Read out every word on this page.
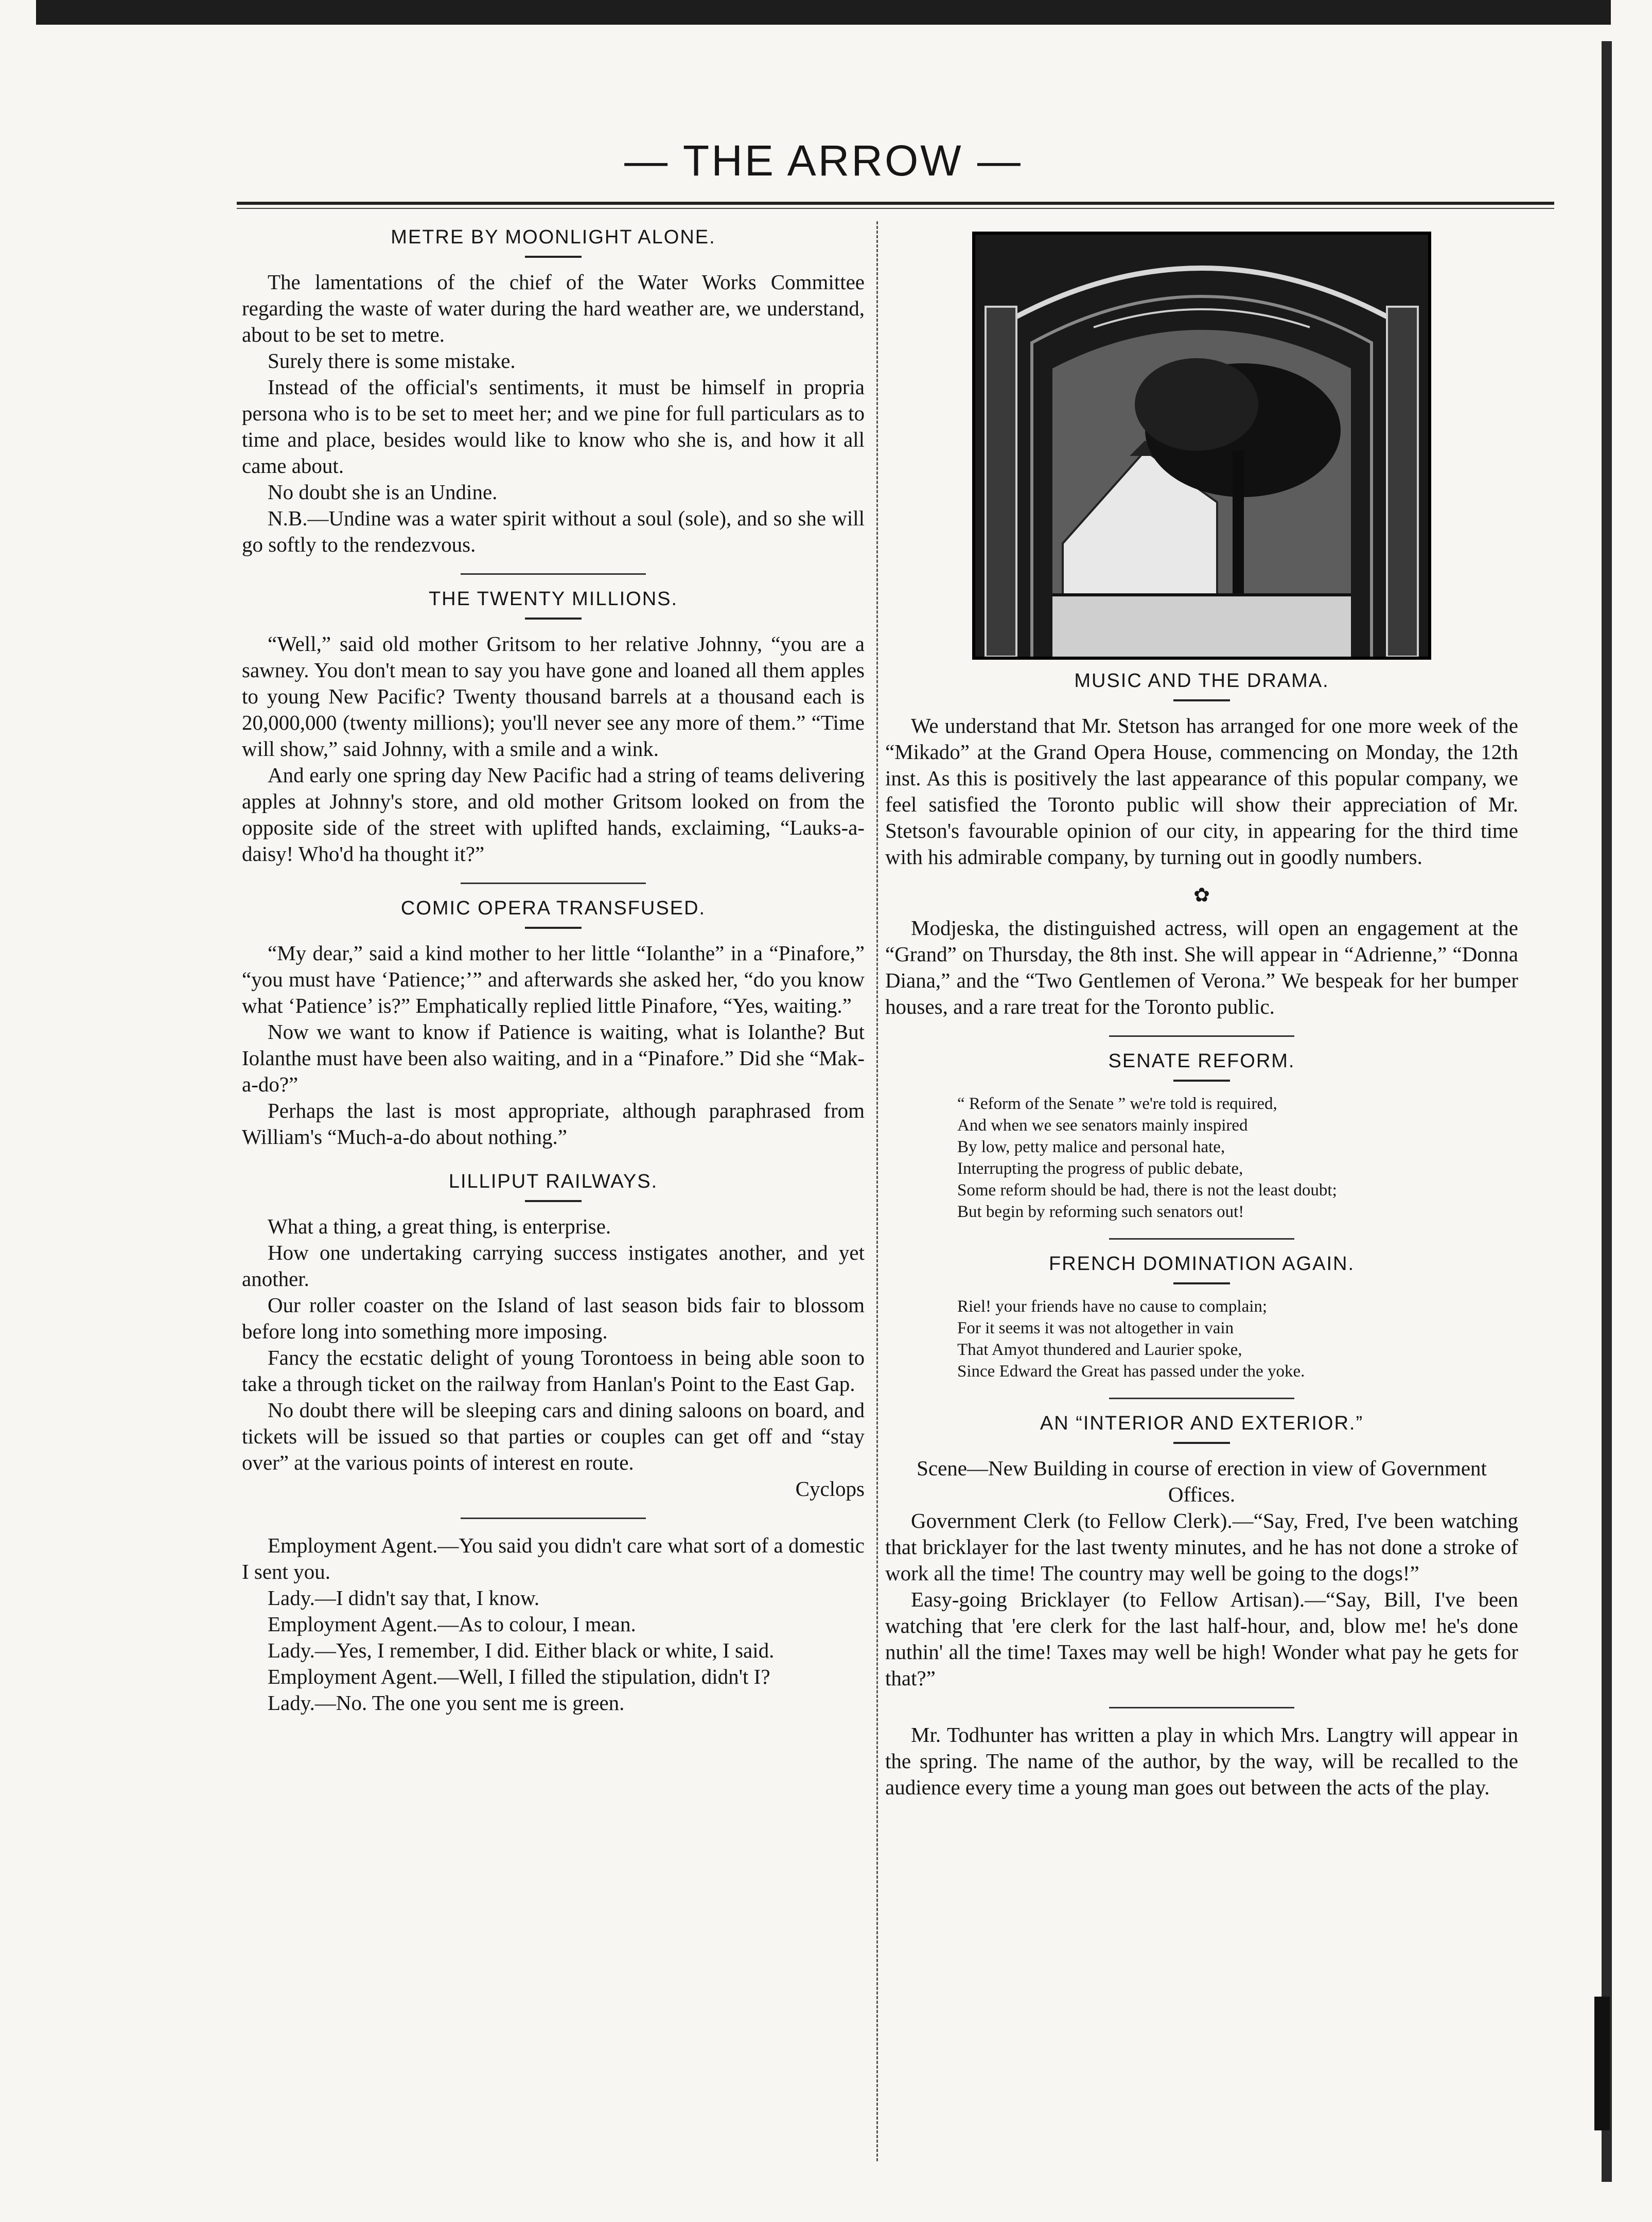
— THE ARROW —
METRE BY MOONLIGHT ALONE.

The lamentations of the chief of the Water Works Committee regarding the waste of water during the hard weather are, we understand, about to be set to metre.

Surely there is some mistake.

Instead of the official's sentiments, it must be himself in propria persona who is to be set to meet her; and we pine for full particulars as to time and place, besides would like to know who she is, and how it all came about.

No doubt she is an Undine.

N.B.—Undine was a water spirit without a soul (sole), and so she will go softly to the rendezvous.

THE TWENTY MILLIONS.

“Well,” said old mother Gritsom to her relative Johnny, “you are a sawney. You don't mean to say you have gone and loaned all them apples to young New Pacific? Twenty thousand barrels at a thousand each is 20,000,000 (twenty millions); you'll never see any more of them.” “Time will show,” said Johnny, with a smile and a wink.

And early one spring day New Pacific had a string of teams delivering apples at Johnny's store, and old mother Gritsom looked on from the opposite side of the street with uplifted hands, exclaiming, “Lauks-a-daisy! Who'd ha thought it?”

COMIC OPERA TRANSFUSED.

“My dear,” said a kind mother to her little “Iolanthe” in a “Pinafore,” “you must have ‘Patience;’” and afterwards she asked her, “do you know what ‘Patience’ is?” Emphatically replied little Pinafore, “Yes, waiting.”

Now we want to know if Patience is waiting, what is Iolanthe? But Iolanthe must have been also waiting, and in a “Pinafore.” Did she “Mak-a-do?”

Perhaps the last is most appropriate, although paraphrased from William's “Much-a-do about nothing.”

LILLIPUT RAILWAYS.

What a thing, a great thing, is enterprise.

How one undertaking carrying success instigates another, and yet another.

Our roller coaster on the Island of last season bids fair to blossom before long into something more imposing.

Fancy the ecstatic delight of young Torontoess in being able soon to take a through ticket on the railway from Hanlan's Point to the East Gap.

No doubt there will be sleeping cars and dining saloons on board, and tickets will be issued so that parties or couples can get off and “stay over” at the various points of interest en route.

Cyclops

Employment Agent.—You said you didn't care what sort of a domestic I sent you.

Lady.—I didn't say that, I know.

Employment Agent.—As to colour, I mean.

Lady.—Yes, I remember, I did. Either black or white, I said.

Employment Agent.—Well, I filled the stipulation, didn't I?

Lady.—No. The one you sent me is green.

MUSIC AND THE DRAMA.

We understand that Mr. Stetson has arranged for one more week of the “Mikado” at the Grand Opera House, commencing on Monday, the 12th inst. As this is positively the last appearance of this popular company, we feel satisfied the Toronto public will show their appreciation of Mr. Stetson's favourable opinion of our city, in appearing for the third time with his admirable company, by turning out in goodly numbers.

✿

Modjeska, the distinguished actress, will open an engagement at the “Grand” on Thursday, the 8th inst. She will appear in “Adrienne,” “Donna Diana,” and the “Two Gentlemen of Verona.” We bespeak for her bumper houses, and a rare treat for the Toronto public.

SENATE REFORM.
“ Reform of the Senate ” we're told is required,
And when we see senators mainly inspired
By low, petty malice and personal hate,
Interrupting the progress of public debate,
Some reform should be had, there is not the least doubt;
But begin by reforming such senators out!
FRENCH DOMINATION AGAIN.
Riel! your friends have no cause to complain;
For it seems it was not altogether in vain
That Amyot thundered and Laurier spoke,
Since Edward the Great has passed under the yoke.
AN “INTERIOR AND EXTERIOR.”

Scene—New Building in course of erection in view of Government Offices.

Government Clerk (to Fellow Clerk).—“Say, Fred, I've been watching that bricklayer for the last twenty minutes, and he has not done a stroke of work all the time! The country may well be going to the dogs!”

Easy-going Bricklayer (to Fellow Artisan).—“Say, Bill, I've been watching that 'ere clerk for the last half-hour, and, blow me! he's done nuthin' all the time! Taxes may well be high! Wonder what pay he gets for that?”

Mr. Todhunter has written a play in which Mrs. Langtry will appear in the spring. The name of the author, by the way, will be recalled to the audience every time a young man goes out between the acts of the play.
